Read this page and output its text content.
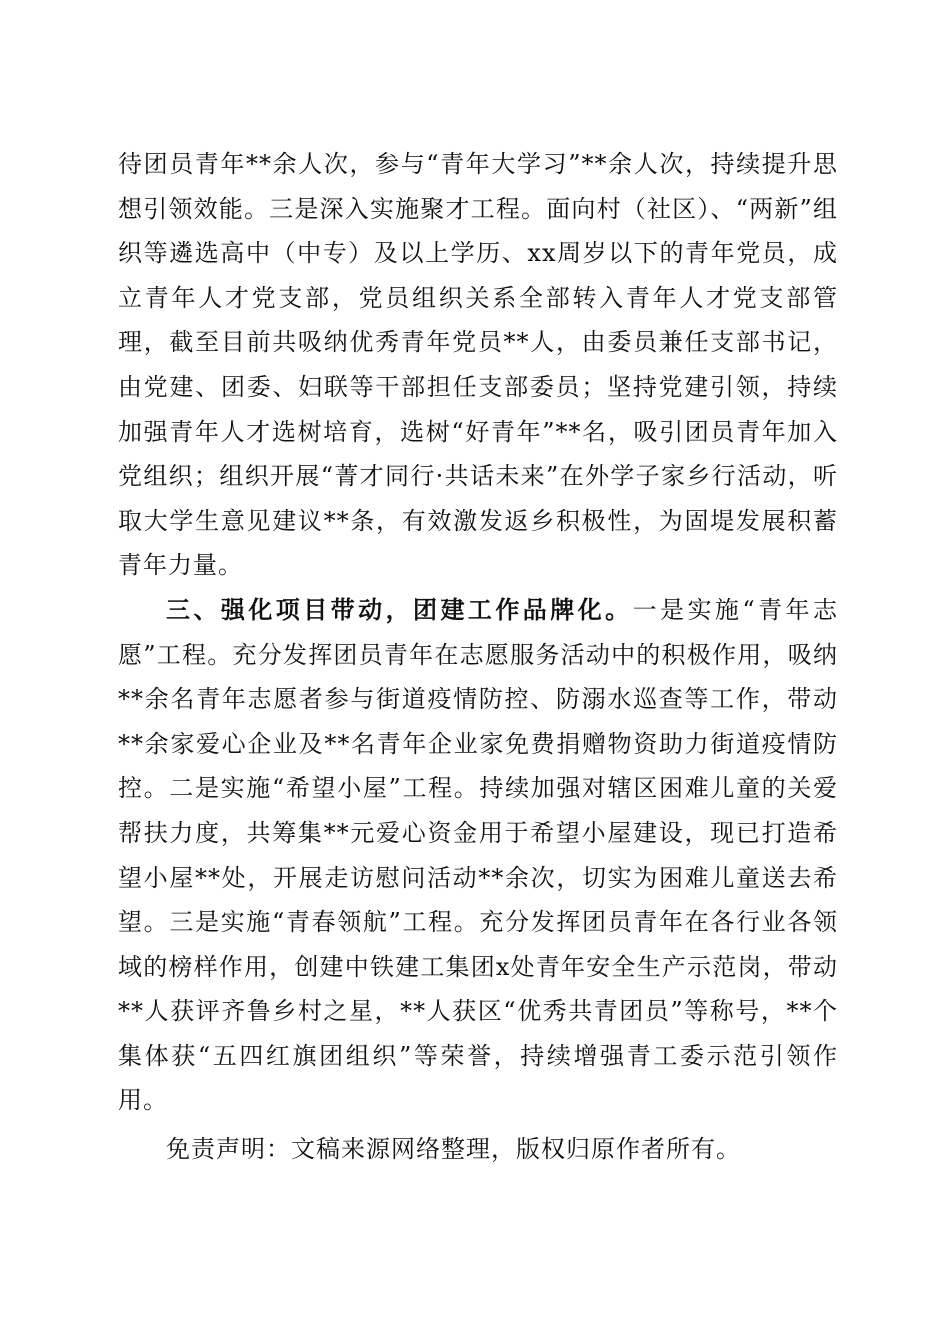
待团员青年**余人次，参与“青年大学习”**余人次，持续提升思想引领效能。三是深入实施聚才工程。面向村（社区）、“两新”组织等遴选高中（中专）及以上学历、xx周岁以下的青年党员，成立青年人才党支部，党员组织关系全部转入青年人才党支部管理，截至目前共吸纳优秀青年党员**人，由委员兼任支部书记，由党建、团委、妇联等干部担任支部委员；坚持党建引领，持续加强青年人才选树培育，选树“好青年”**名，吸引团员青年加入党组织；组织开展“菁才同行·共话未来”在外学子家乡行活动，听取大学生意见建议**条，有效激发返乡积极性，为固堤发展积蓄青年力量。

三、强化项目带动，团建工作品牌化。一是实施“青年志愿”工程。充分发挥团员青年在志愿服务活动中的积极作用，吸纳**余名青年志愿者参与街道疫情防控、防溺水巡查等工作，带动**余家爱心企业及**名青年企业家免费捐赠物资助力街道疫情防控。二是实施“希望小屋”工程。持续加强对辖区困难儿童的关爱帮扶力度，共筹集**元爱心资金用于希望小屋建设，现已打造希望小屋**处，开展走访慰问活动**余次，切实为困难儿童送去希望。三是实施“青春领航”工程。充分发挥团员青年在各行业各领域的榜样作用，创建中铁建工集团x处青年安全生产示范岗，带动**人获评齐鲁乡村之星，**人获区“优秀共青团员”等称号，**个集体获“五四红旗团组织”等荣誉，持续增强青工委示范引领作用。

免责声明：文稿来源网络整理，版权归原作者所有。
